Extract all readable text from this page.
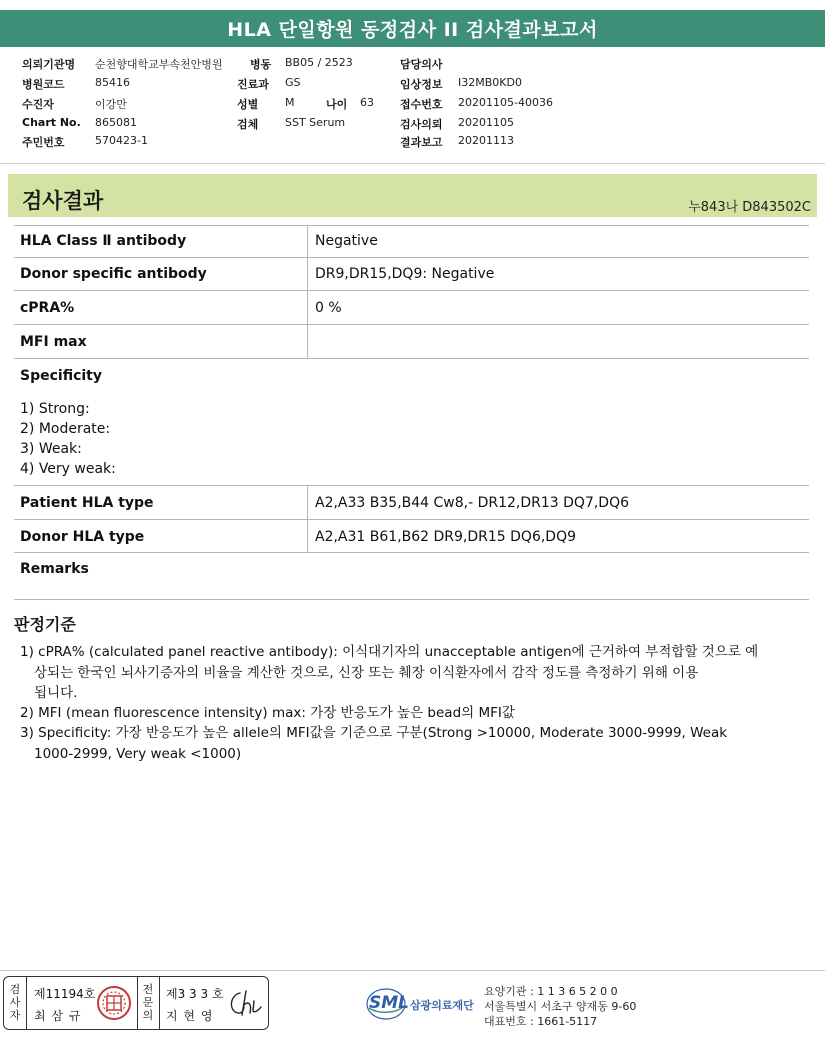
HLA 단일항원 동정검사 II 검사결과보고서
의뢰기관명 순천향대학교부속천안병원
병원코드	85416
수진자	이강만
Chart No. 865081
주민번호	570423-1
병동 BB05 / 2523
진료과 GS
성별 M	나이 63
검체 SST Serum
담당의사
임상정보 I32MB0KD0
접수번호 20201105-40036
검사의뢰 20201105
결과보고 20201113
검사결과	누843나 D843502C
HLA Class Ⅱ antibody	Negative
Donor specific antibody	DR9,DR15,DQ9: Negative
cPRA%	0 %
MFI max
Specificity
1) Strong:
2) Moderate:
3) Weak:
4) Very weak:
Patient HLA type	A2,A33 B35,B44 Cw8,- DR12,DR13 DQ7,DQ6
Donor HLA type	A2,A31 B61,B62 DR9,DR15 DQ6,DQ9
Remarks
판정기준
1) cPRA% (calculated panel reactive antibody): 이식대기자의 unacceptable antigen에 근거하여 부적합할 것으로 예
상되는 한국인 뇌사기증자의 비율을 계산한 것으로, 신장 또는 췌장 이식환자에서 감작 정도를 측정하기 위해 이용
됩니다.
2) MFI (mean fluorescence intensity) max: 가장 반응도가 높은 bead의 MFI값
3) Specificity: 가장 반응도가 높은 allele의 MFI값을 기준으로 구분(Strong >10000, Moderate 3000-9999, Weak
1000-2999, Very weak <1000)
검
사
자
제11194호
최 삼 규
전
문
의
제3 3 3 호
지 현 영
SML 삼광의료재단
요양기관 : 1 1 3 6 5 2 0 0
서울특별시 서초구 양재동 9-60
대표번호 : 1661-5117
